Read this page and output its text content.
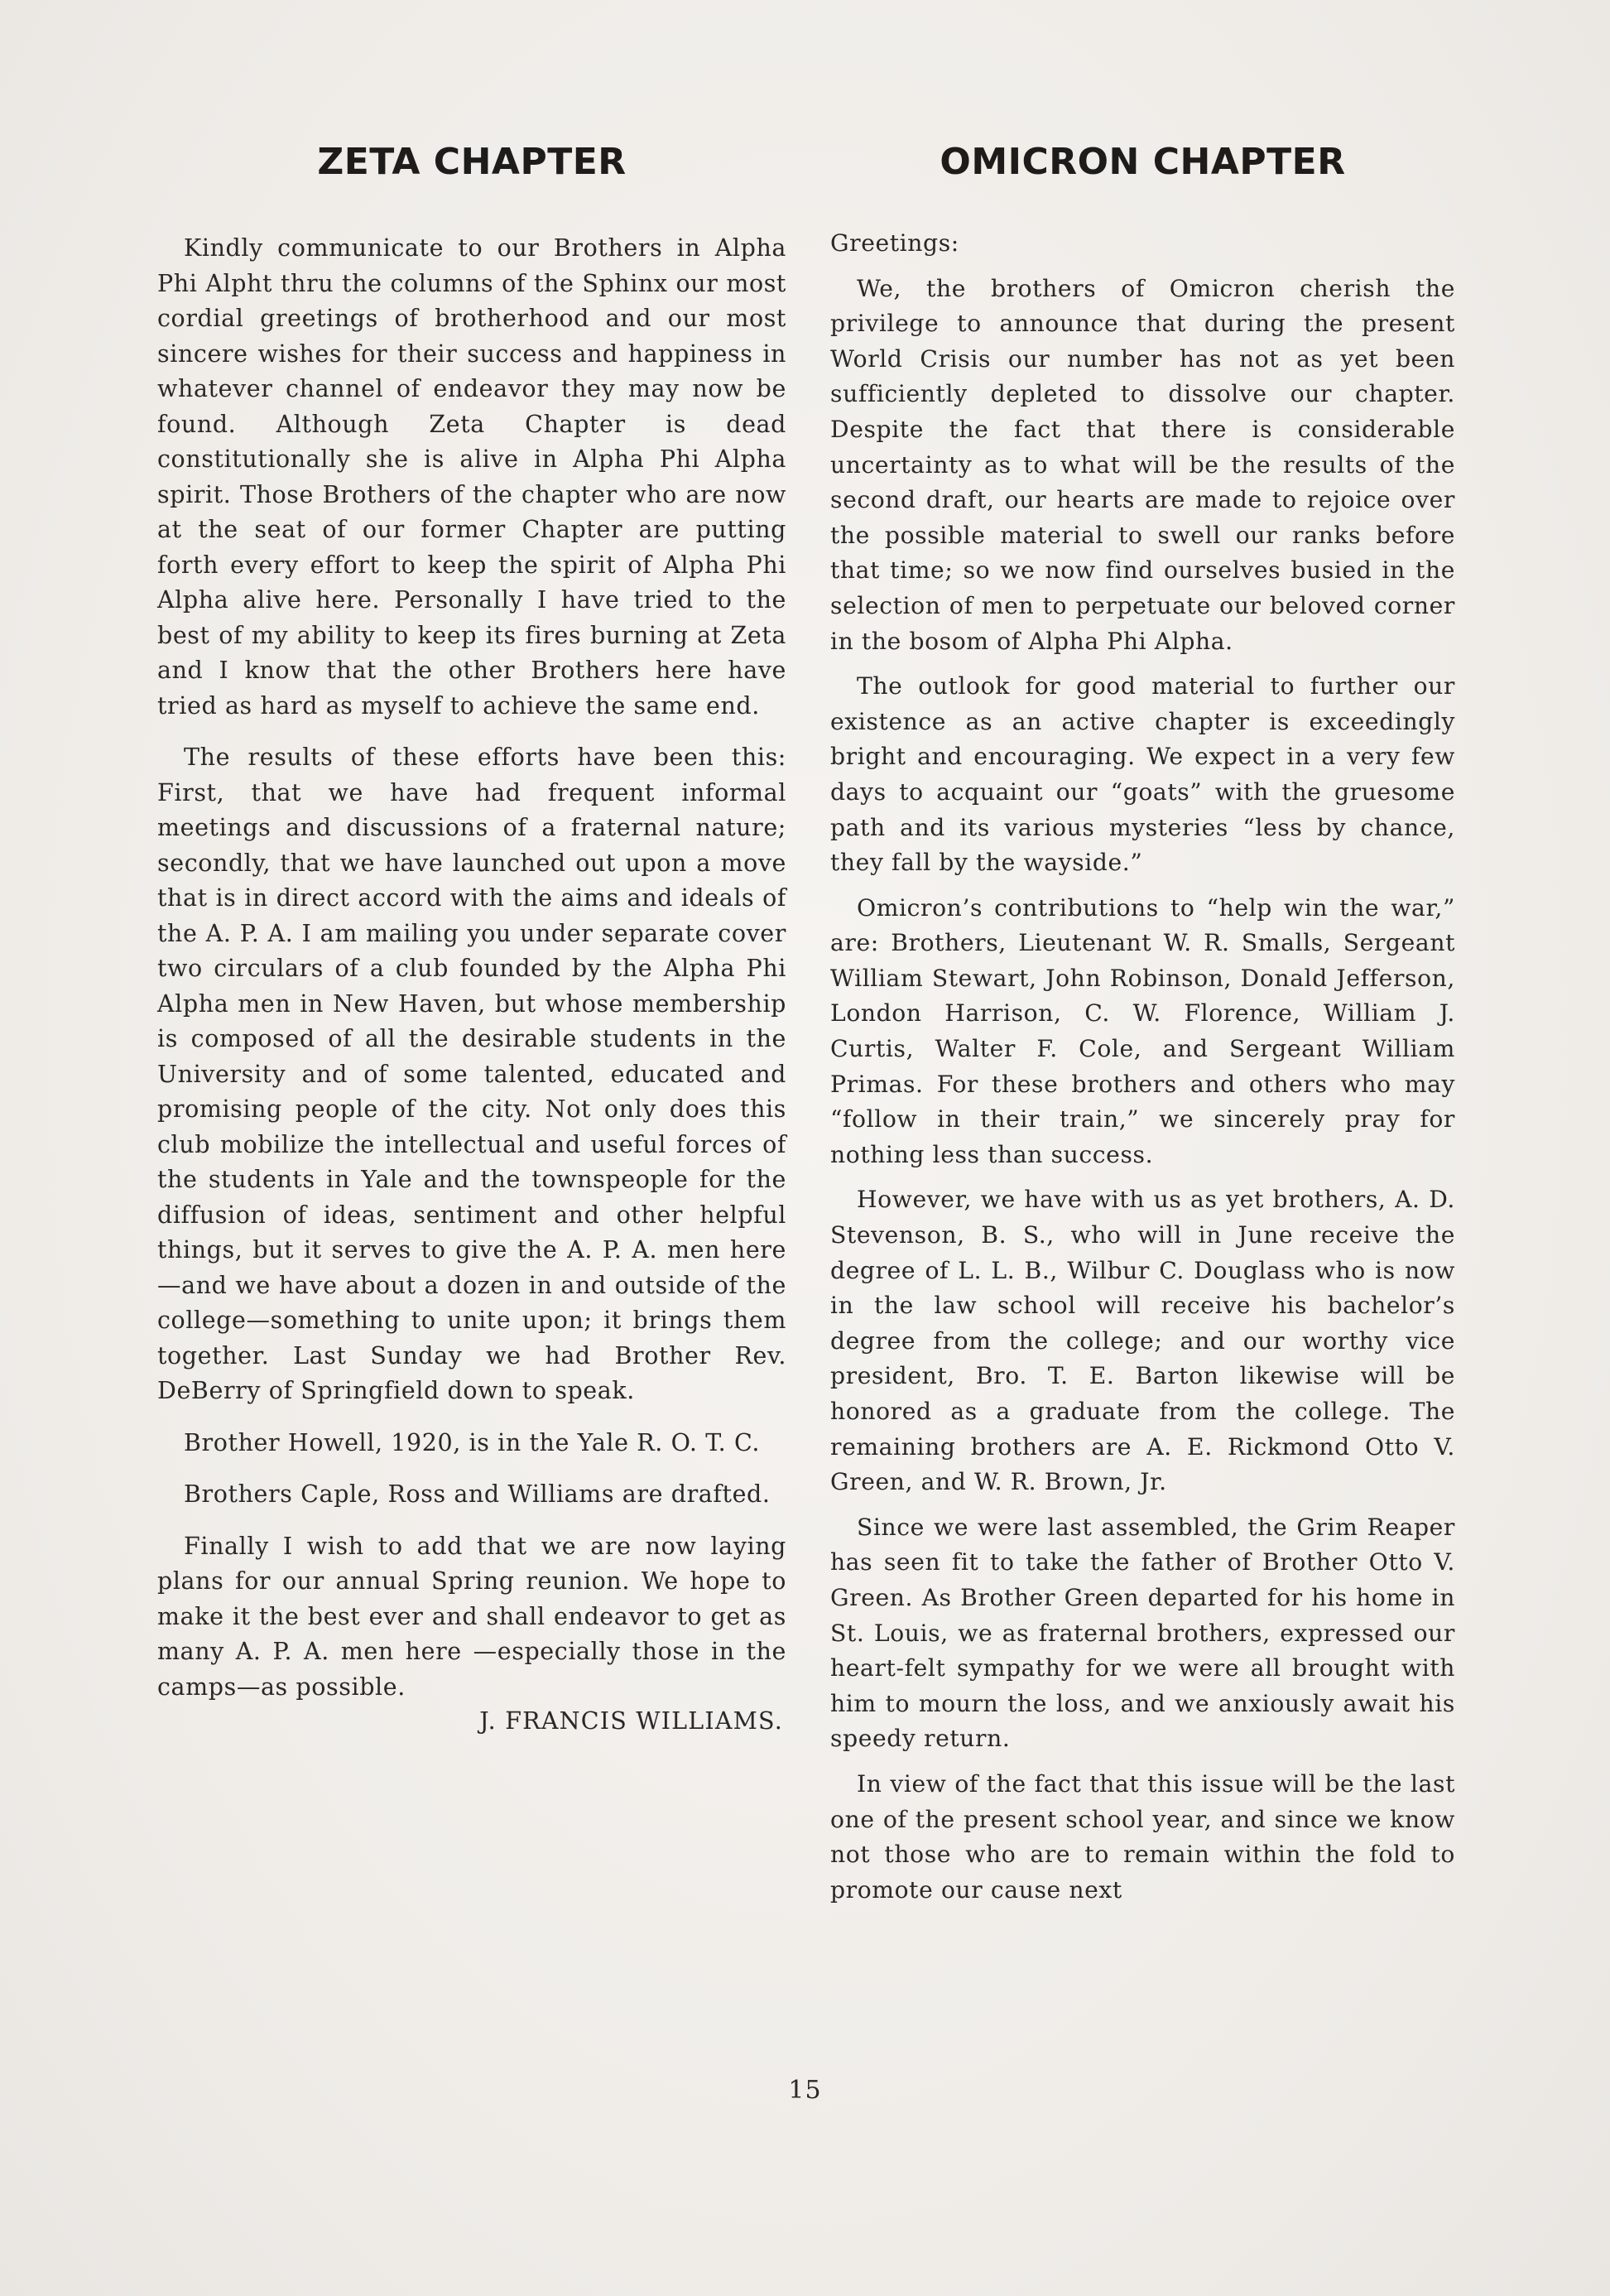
ZETA CHAPTER

Kindly communicate to our Brothers in Alpha Phi Alpht thru the columns of the Sphinx our most cordial greetings of brotherhood and our most sincere wishes for their success and happiness in whatever channel of endeavor they may now be found. Although Zeta Chapter is dead constitutionally she is alive in Alpha Phi Alpha spirit. Those Brothers of the chapter who are now at the seat of our former Chapter are putting forth every effort to keep the spirit of Alpha Phi Alpha alive here. Personally I have tried to the best of my ability to keep its fires burning at Zeta and I know that the other Brothers here have tried as hard as myself to achieve the same end.

The results of these efforts have been this: First, that we have had frequent informal meetings and discussions of a fraternal nature; secondly, that we have launched out upon a move that is in direct accord with the aims and ideals of the A. P. A. I am mailing you under separate cover two circulars of a club founded by the Alpha Phi Alpha men in New Haven, but whose membership is composed of all the desirable students in the University and of some talented, educated and promising people of the city. Not only does this club mobilize the intellectual and useful forces of the students in Yale and the townspeople for the diffusion of ideas, sentiment and other helpful things, but it serves to give the A. P. A. men here—and we have about a dozen in and outside of the college—something to unite upon; it brings them together. Last Sunday we had Brother Rev. DeBerry of Springfield down to speak.

Brother Howell, 1920, is in the Yale R. O. T. C.

Brothers Caple, Ross and Williams are drafted.

Finally I wish to add that we are now laying plans for our annual Spring reunion. We hope to make it the best ever and shall endeavor to get as many A. P. A. men here —especially those in the camps—as possible.

J. FRANCIS WILLIAMS.

OMICRON CHAPTER

Greetings:

We, the brothers of Omicron cherish the privilege to announce that during the present World Crisis our number has not as yet been sufficiently depleted to dissolve our chapter. Despite the fact that there is considerable uncertainty as to what will be the results of the second draft, our hearts are made to rejoice over the possible material to swell our ranks before that time; so we now find ourselves busied in the selection of men to perpetuate our beloved corner in the bosom of Alpha Phi Alpha.

The outlook for good material to further our existence as an active chapter is exceedingly bright and encouraging. We expect in a very few days to acquaint our “goats” with the gruesome path and its various mysteries “less by chance, they fall by the wayside.”

Omicron’s contributions to “help win the war,” are: Brothers, Lieutenant W. R. Smalls, Sergeant William Stewart, John Robinson, Donald Jefferson, London Harrison, C. W. Florence, William J. Curtis, Walter F. Cole, and Sergeant William Primas. For these brothers and others who may “follow in their train,” we sincerely pray for nothing less than success.

However, we have with us as yet brothers, A. D. Stevenson, B. S., who will in June receive the degree of L. L. B., Wilbur C. Douglass who is now in the law school will receive his bachelor’s degree from the college; and our worthy vice president, Bro. T. E. Barton likewise will be honored as a graduate from the college. The remaining brothers are A. E. Rickmond Otto V. Green, and W. R. Brown, Jr.

Since we were last assembled, the Grim Reaper has seen fit to take the father of Brother Otto V. Green. As Brother Green departed for his home in St. Louis, we as fraternal brothers, expressed our heart-felt sympathy for we were all brought with him to mourn the loss, and we anxiously await his speedy return.

In view of the fact that this issue will be the last one of the present school year, and since we know not those who are to remain within the fold to promote our cause next

15
